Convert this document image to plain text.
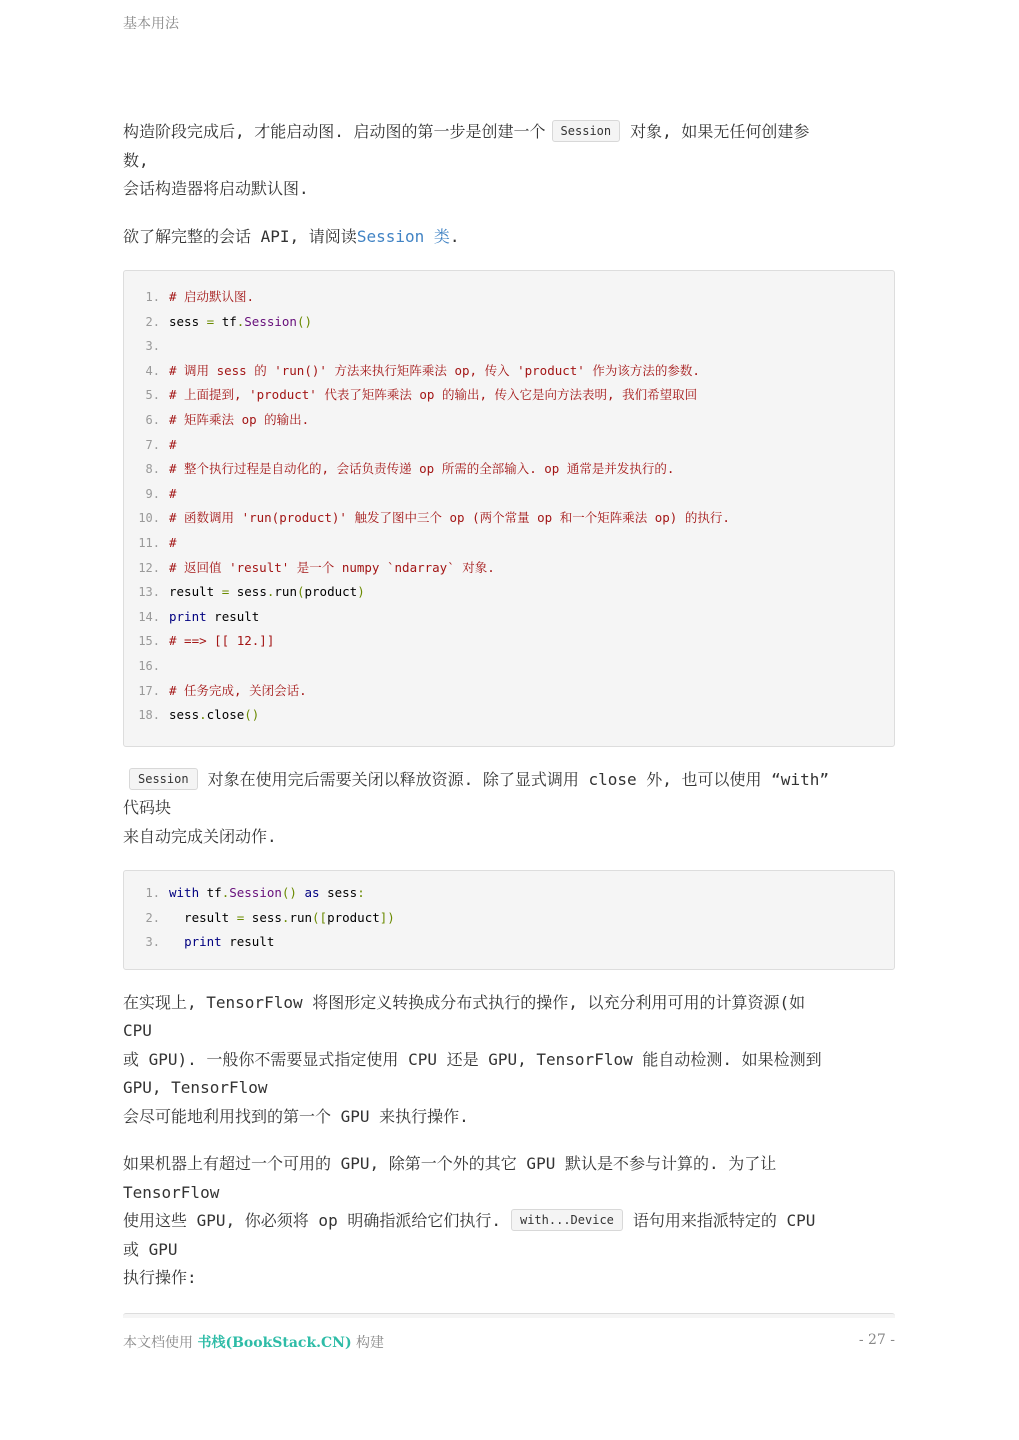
基本用法

构造阶段完成后, 才能启动图. 启动图的第一步是创建一个 Session 对象, 如果无任何创建参

数,

会话构造器将启动默认图.

欲了解完整的会话 API, 请阅读Session 类.

1. # 启动默认图.
2. sess = tf.Session()
3.
4. # 调用 sess 的 'run()' 方法来执行矩阵乘法 op, 传入 'product' 作为该方法的参数.
5. # 上面提到, 'product' 代表了矩阵乘法 op 的输出, 传入它是向方法表明, 我们希望取回
6. # 矩阵乘法 op 的输出.
7. #
8. # 整个执行过程是自动化的, 会话负责传递 op 所需的全部输入. op 通常是并发执行的.
9. #
10. # 函数调用 'run(product)' 触发了图中三个 op (两个常量 op 和一个矩阵乘法 op) 的执行.
11. #
12. # 返回值 'result' 是一个 numpy `ndarray` 对象.
13. result = sess.run(product)
14. print result
15. # ==> [[ 12.]]
16.
17. # 任务完成, 关闭会话.
18. sess.close()

Session 对象在使用完后需要关闭以释放资源. 除了显式调用 close 外, 也可以使用 “with”

代码块

来自动完成关闭动作.

1. with tf.Session() as sess:
2.  result = sess.run([product])
3. print result

在实现上, TensorFlow 将图形定义转换成分布式执行的操作, 以充分利用可用的计算资源(如

CPU

或 GPU). 一般你不需要显式指定使用 CPU 还是 GPU, TensorFlow 能自动检测. 如果检测到

GPU, TensorFlow

会尽可能地利用找到的第一个 GPU 来执行操作.

如果机器上有超过一个可用的 GPU, 除第一个外的其它 GPU 默认是不参与计算的. 为了让

TensorFlow

使用这些 GPU, 你必须将 op 明确指派给它们执行. with...Device 语句用来指派特定的 CPU

或 GPU

执行操作:

本文档使用 书栈(BookStack.CN) 构建	- 27 -
